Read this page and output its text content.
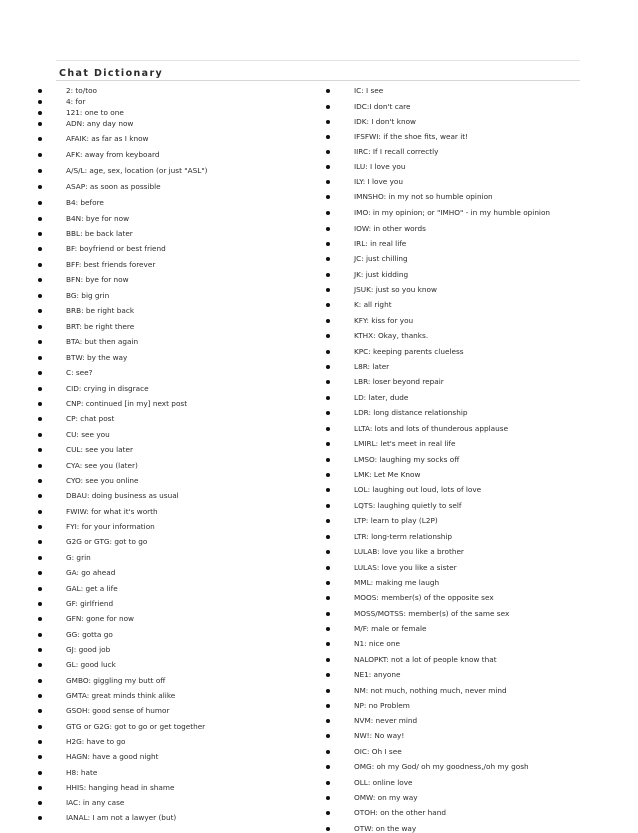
Chat Dictionary
2: to/too
4: for
121: one to one
ADN: any day now
AFAIK: as far as I know
AFK: away from keyboard
A/S/L: age, sex, location (or just "ASL")
ASAP: as soon as possible
B4: before
B4N: bye for now
BBL: be back later
BF: boyfriend or best friend
BFF: best friends forever
BFN: bye for now
BG: big grin
BRB: be right back
BRT: be right there
BTA: but then again
BTW: by the way
C: see?
CID: crying in disgrace
CNP: continued [in my] next post
CP: chat post
CU: see you
CUL: see you later
CYA: see you (later)
CYO: see you online
DBAU: doing business as usual
FWIW: for what it's worth
FYI: for your information
G2G or GTG: got to go
G: grin
GA: go ahead
GAL: get a life
GF: girlfriend
GFN: gone for now
GG: gotta go
GJ: good job
GL: good luck
GMBO: giggling my butt off
GMTA: great minds think alike
GSOH: good sense of humor
GTG or G2G: got to go or get together
H2G: have to go
HAGN: have a good night
H8: hate
HHIS: hanging head in shame
IAC: in any case
IANAL: I am not a lawyer (but)
IC: I see
IDC:I don't care
IDK: I don't know
IFSFWI: if the shoe fits, wear it!
IIRC: If I recall correctly
ILU: I love you
ILY: I love you
IMNSHO: in my not so humble opinion
IMO: in my opinion; or "IMHO" - in my humble opinion
IOW: in other words
IRL: in real life
JC: just chilling
JK: just kidding
JSUK: just so you know
K: all right
KFY: kiss for you
KTHX: Okay, thanks.
KPC: keeping parents clueless
L8R: later
LBR: loser beyond repair
LD: later, dude
LDR: long distance relationship
LLTA: lots and lots of thunderous applause
LMIRL: let's meet in real life
LMSO: laughing my socks off
LMK: Let Me Know
LOL: laughing out loud, lots of love
LQTS: laughing quietly to self
LTP: learn to play (L2P)
LTR: long-term relationship
LULAB: love you like a brother
LULAS: love you like a sister
MML: making me laugh
MOOS: member(s) of the opposite sex
MOSS/MOTSS: member(s) of the same sex
M/F: male or female
N1: nice one
NALOPKT: not a lot of people know that
NE1: anyone
NM: not much, nothing much, never mind
NP: no Problem
NVM: never mind
NW!: No way!
OIC: Oh I see
OMG: oh my God/ oh my goodness,/oh my gosh
OLL: online love
OMW: on my way
OTOH: on the other hand
OTW: on the way
